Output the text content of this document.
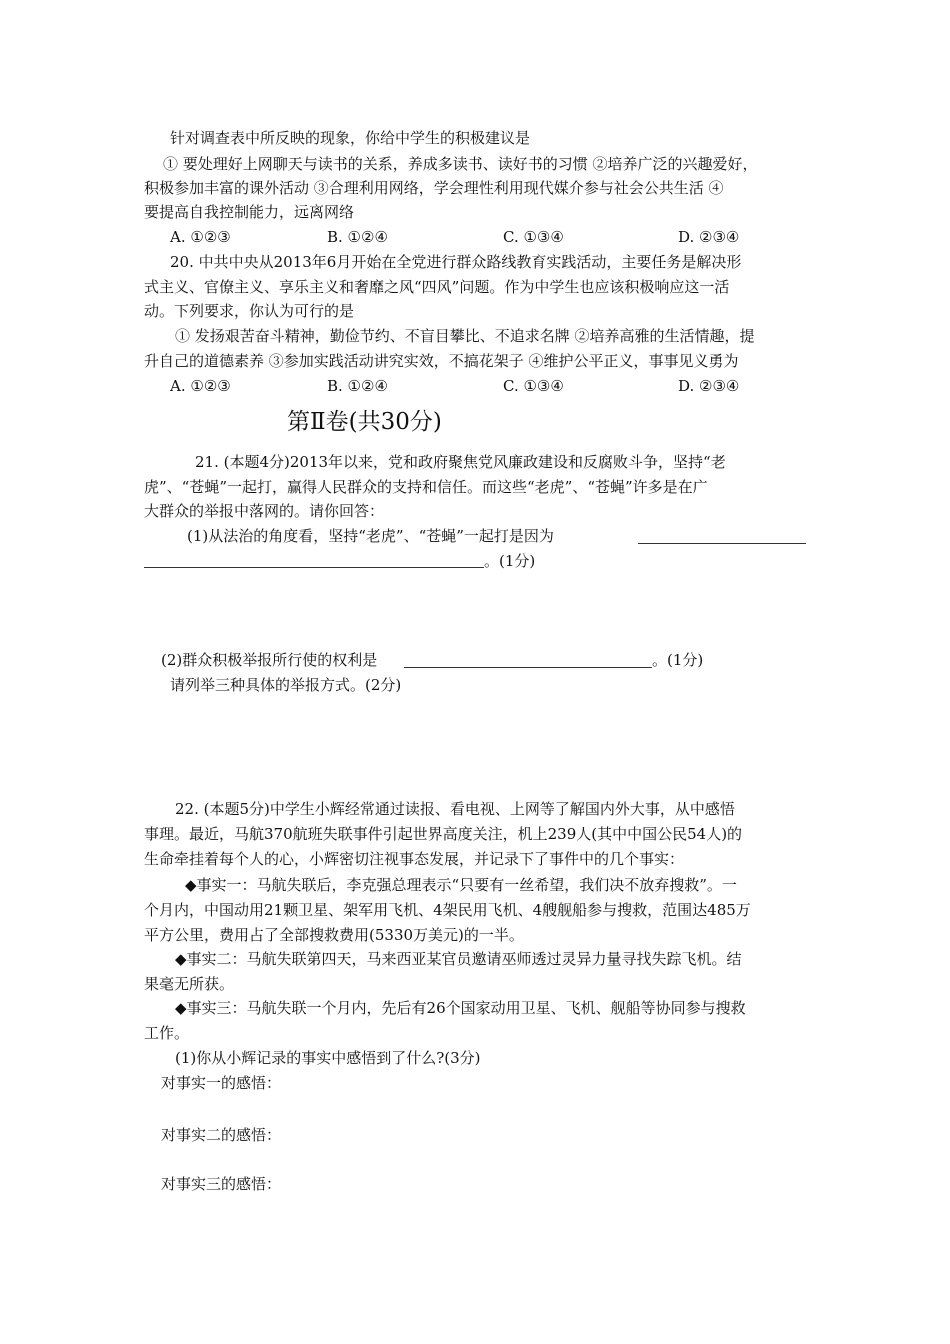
针对调查表中所反映的现象，你给中学生的积极建议是
① 要处理好上网聊天与读书的关系，养成多读书、读好书的习惯 ②培养广泛的兴趣爱好，
积极参加丰富的课外活动 ③合理利用网络，学会理性利用现代媒介参与社会公共生活 ④
要提高自我控制能力，远离网络
A. ①②③	B. ①②④	C. ①③④	D. ②③④
20. 中共中央从2013年6月开始在全党进行群众路线教育实践活动，主要任务是解决形
式主义、官僚主义、享乐主义和奢靡之风“四风”问题。作为中学生也应该积极响应这一活
动。下列要求，你认为可行的是
① 发扬艰苦奋斗精神，勤俭节约、不盲目攀比、不追求名牌 ②培养高雅的生活情趣，提
升自己的道德素养 ③参加实践活动讲究实效，不搞花架子 ④维护公平正义，事事见义勇为
A. ①②③	B. ①②④	C. ①③④	D. ②③④
第Ⅱ卷(共30分)
21. (本题4分)2013年以来，党和政府聚焦党风廉政建设和反腐败斗争，坚持“老
虎”、“苍蝇”一起打，赢得人民群众的支持和信任。而这些“老虎”、“苍蝇”许多是在广
大群众的举报中落网的。请你回答：
(1)从法治的角度看，坚持“老虎”、“苍蝇”一起打是因为
。(1分)
(2)群众积极举报所行使的权利是	。(1分)
请列举三种具体的举报方式。(2分)
22. (本题5分)中学生小辉经常通过读报、看电视、上网等了解国内外大事，从中感悟
事理。最近，马航370航班失联事件引起世界高度关注，机上239人(其中中国公民54人)的
生命牵挂着每个人的心，小辉密切注视事态发展，并记录下了事件中的几个事实：
◆事实一：马航失联后，李克强总理表示“只要有一丝希望，我们决不放弃搜救”。一
个月内，中国动用21颗卫星、架军用飞机、4架民用飞机、4艘舰船参与搜救，范围达485万
平方公里，费用占了全部搜救费用(5330万美元)的一半。
◆事实二：马航失联第四天，马来西亚某官员邀请巫师透过灵异力量寻找失踪飞机。结
果毫无所获。
◆事实三：马航失联一个月内，先后有26个国家动用卫星、飞机、舰船等协同参与搜救
工作。
(1)你从小辉记录的事实中感悟到了什么?(3分)
对事实一的感悟：
对事实二的感悟：
对事实三的感悟：
